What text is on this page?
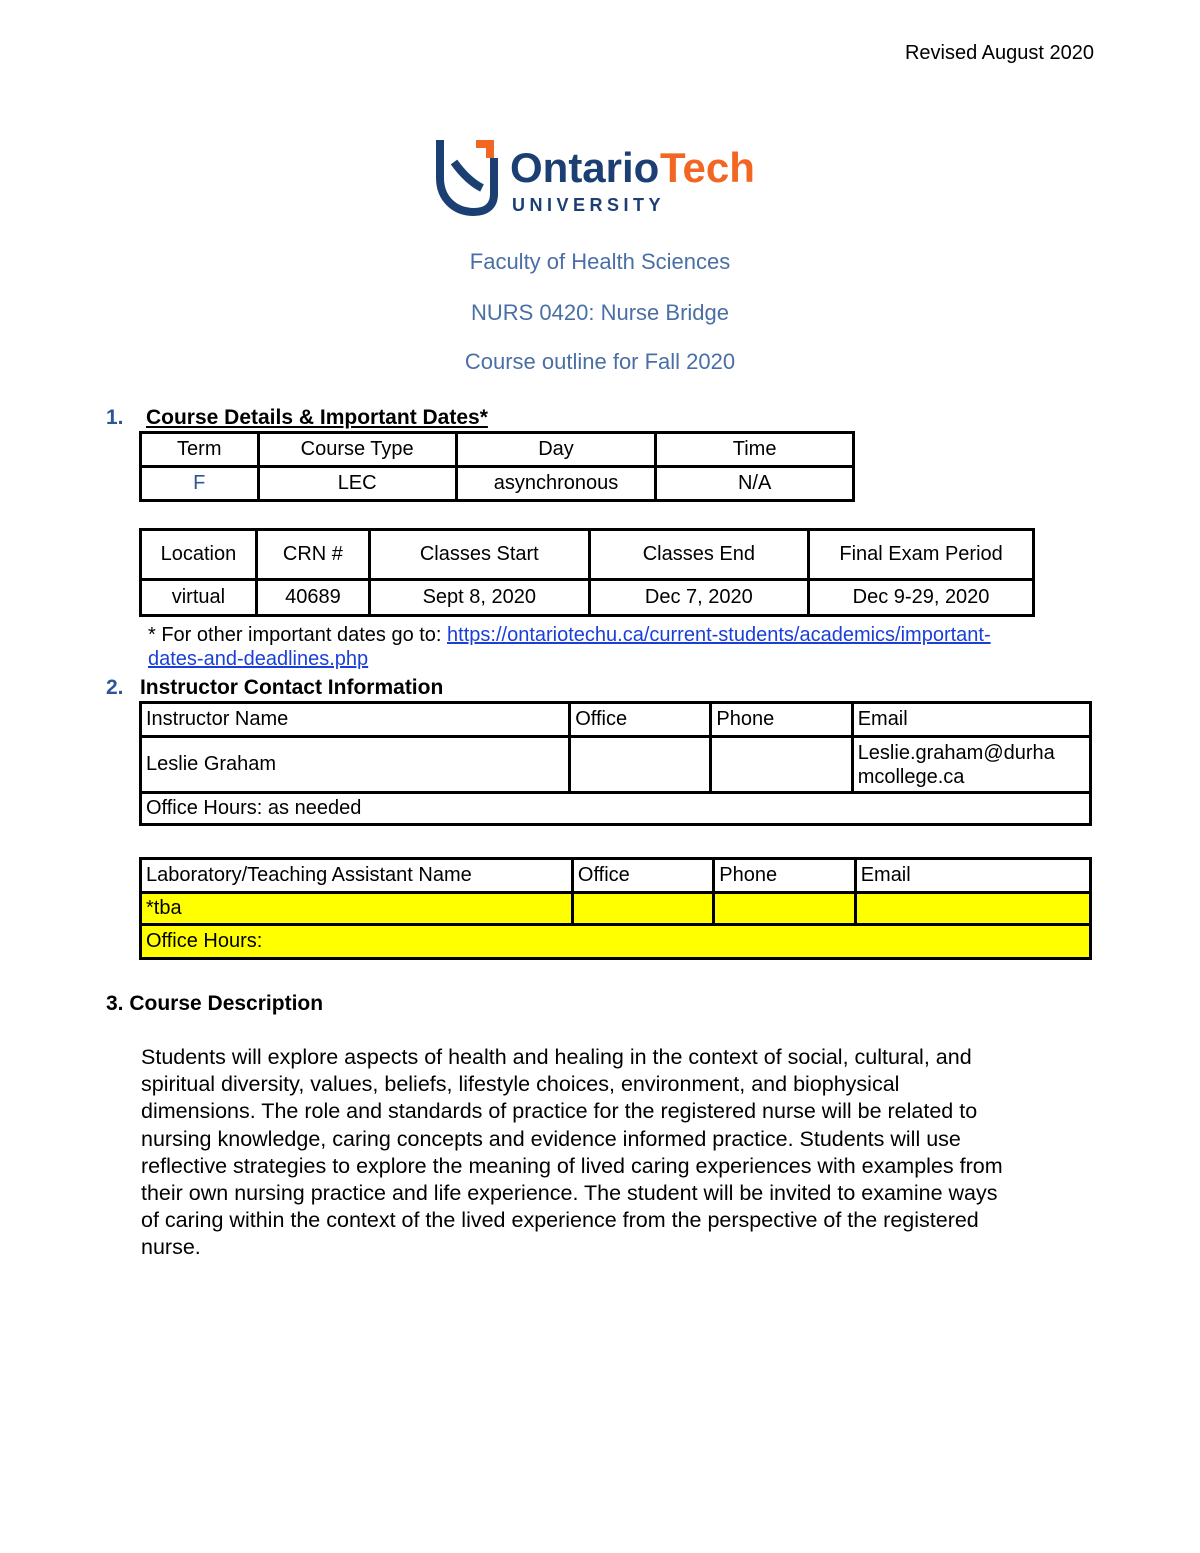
Revised August 2020
Ontario Tech
UNIVERSITY
Faculty of Health Sciences
NURS 0420: Nurse Bridge
Course outline for Fall 2020
1. Course Details & Important Dates*
Term	Course Type	Day	Time
F	LEC	asynchronous	N/A
Location	CRN #	Classes Start	Classes End	Final Exam Period
virtual	40689	Sept 8, 2020	Dec 7, 2020	Dec 9-29, 2020
* For other important dates go to: https://ontariotechu.ca/current-students/academics/important-
dates-and-deadlines.php
2. Instructor Contact Information
Instructor Name	Office	Phone	Email
Leslie Graham			Leslie.graham@durha
mcollege.ca

Office Hours: as needed			
Laboratory/Teaching Assistant Name	Office	Phone	Email
*tba			
Office Hours:			
3. Course Description
Students will explore aspects of health and healing in the context of social, cultural, and
spiritual diversity, values, beliefs, lifestyle choices, environment, and biophysical
dimensions. The role and standards of practice for the registered nurse will be related to
nursing knowledge, caring concepts and evidence informed practice. Students will use
reflective strategies to explore the meaning of lived caring experiences with examples from
their own nursing practice and life experience. The student will be invited to examine ways
of caring within the context of the lived experience from the perspective of the registered
nurse.
